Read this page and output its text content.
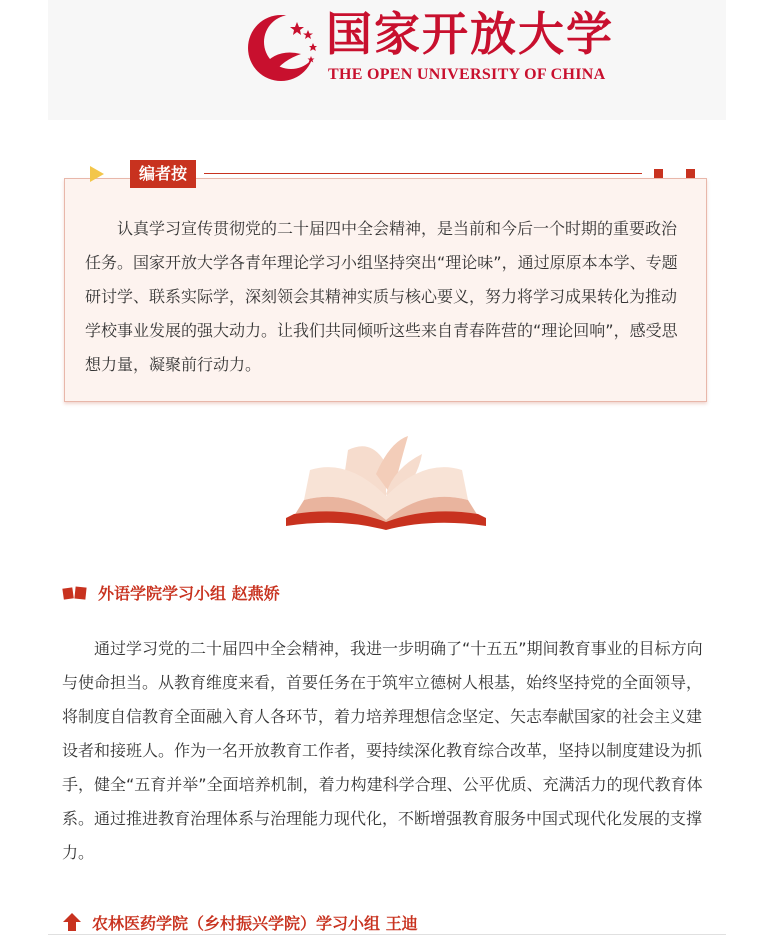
国家开放大学
THE OPEN UNIVERSITY OF CHINA
编者按

认真学习宣传贯彻党的二十届四中全会精神，是当前和今后一个时期的重要政治任务。国家开放大学各青年理论学习小组坚持突出“理论味”，通过原原本本学、专题研讨学、联系实际学，深刻领会其精神实质与核心要义，努力将学习成果转化为推动学校事业发展的强大动力。让我们共同倾听这些来自青春阵营的“理论回响”，感受思想力量，凝聚前行动力。

外语学院学习小组 赵燕娇

通过学习党的二十届四中全会精神，我进一步明确了“十五五”期间教育事业的目标方向与使命担当。从教育维度来看，首要任务在于筑牢立德树人根基，始终坚持党的全面领导，将制度自信教育全面融入育人各环节，着力培养理想信念坚定、矢志奉献国家的社会主义建设者和接班人。作为一名开放教育工作者，要持续深化教育综合改革，坚持以制度建设为抓手，健全“五育并举”全面培养机制，着力构建科学合理、公平优质、充满活力的现代教育体系。通过推进教育治理体系与治理能力现代化，不断增强教育服务中国式现代化发展的支撑力。

农林医药学院（乡村振兴学院）学习小组 王迪
